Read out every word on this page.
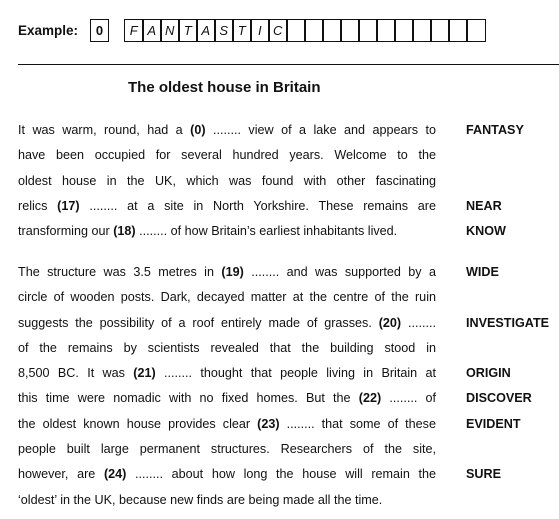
Example:	0	F A N T A S T I C
The oldest house in Britain
It was warm, round, had a (0) ........ view of a lake and appears to
have been occupied for several hundred years. Welcome to the
oldest house in the UK, which was found with other fascinating
relics (17) ........ at a site in North Yorkshire. These remains are
transforming our (18) ........ of how Britain’s earliest inhabitants lived.
The structure was 3.5 metres in (19) ........ and was supported by a
circle of wooden posts. Dark, decayed matter at the centre of the ruin
suggests the possibility of a roof entirely made of grasses. (20) ........
of the remains by scientists revealed that the building stood in
8,500 BC. It was (21) ........ thought that people living in Britain at
this time were nomadic with no fixed homes. But the (22) ........ of
the oldest known house provides clear (23) ........ that some of these
people built large permanent structures. Researchers of the site,
however, are (24) ........ about how long the house will remain the
‘oldest’ in the UK, because new finds are being made all the time.
FANTASY
NEAR
KNOW
WIDE
INVESTIGATE
ORIGIN
DISCOVER
EVIDENT
SURE
